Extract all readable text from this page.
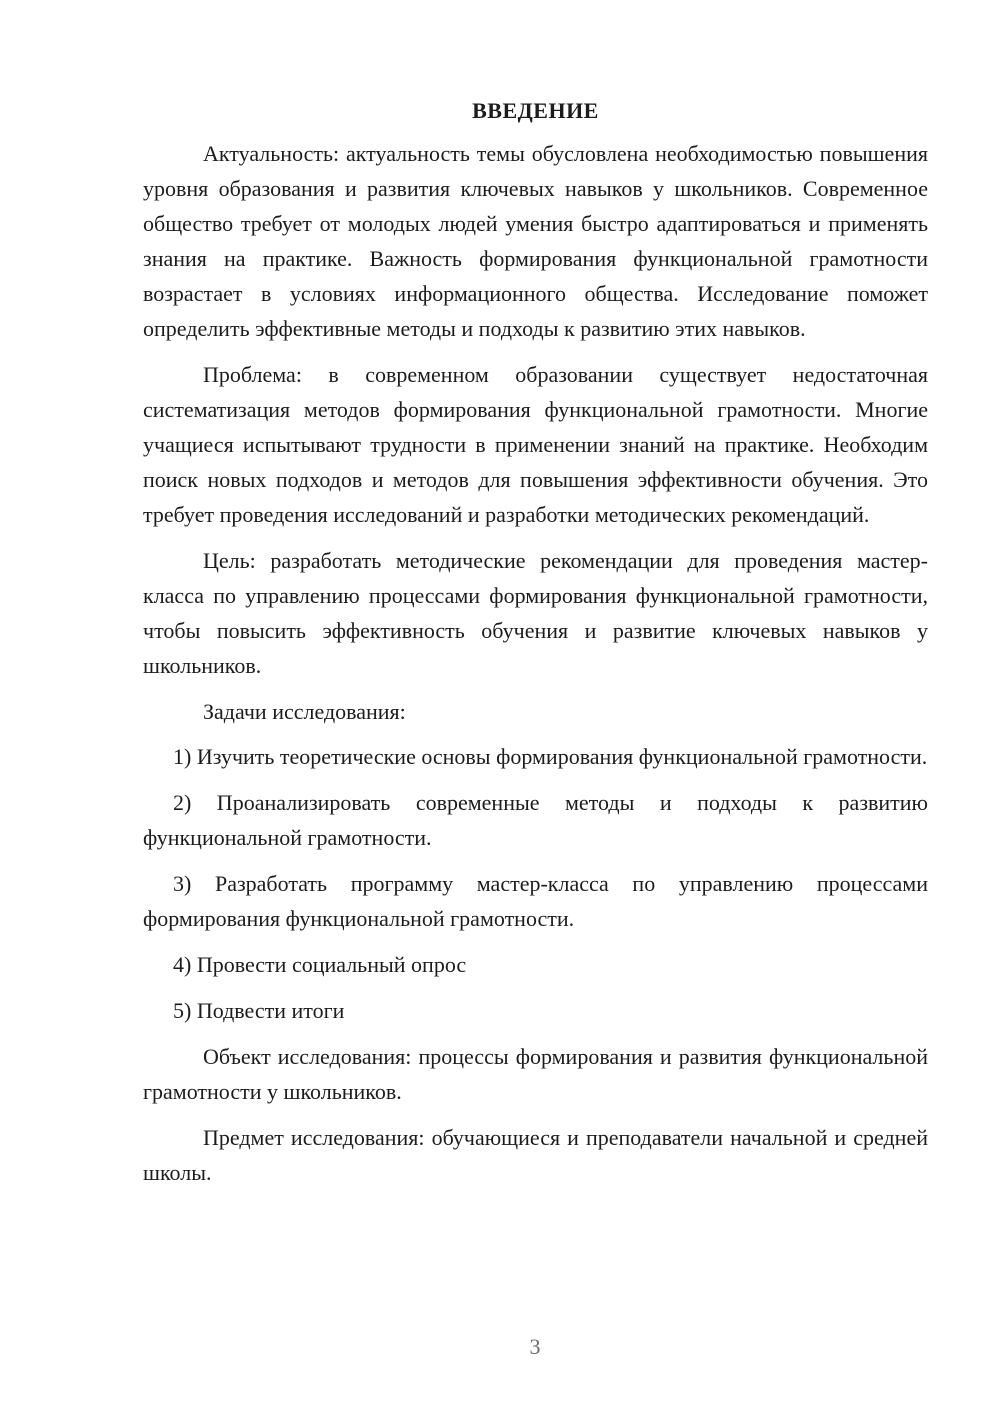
ВВЕДЕНИЕ

Актуальность: актуальность темы обусловлена необходимостью повышения уровня образования и развития ключевых навыков у школьников. Современное общество требует от молодых людей умения быстро адаптироваться и применять знания на практике. Важность формирования функциональной грамотности возрастает в условиях информационного общества. Исследование поможет определить эффективные методы и подходы к развитию этих навыков.

Проблема: в современном образовании существует недостаточная систематизация методов формирования функциональной грамотности. Многие учащиеся испытывают трудности в применении знаний на практике. Необходим поиск новых подходов и методов для повышения эффективности обучения. Это требует проведения исследований и разработки методических рекомендаций.

Цель: разработать методические рекомендации для проведения мастер-класса по управлению процессами формирования функциональной грамотности, чтобы повысить эффективность обучения и развитие ключевых навыков у школьников.

Задачи исследования:

1) Изучить теоретические основы формирования функциональной грамотности.

2) Проанализировать современные методы и подходы к развитию функциональной грамотности.

3) Разработать программу мастер-класса по управлению процессами формирования функциональной грамотности.

4) Провести социальный опрос

5) Подвести итоги

Объект исследования: процессы формирования и развития функциональной грамотности у школьников.

Предмет исследования: обучающиеся и преподаватели начальной и средней школы.

3
